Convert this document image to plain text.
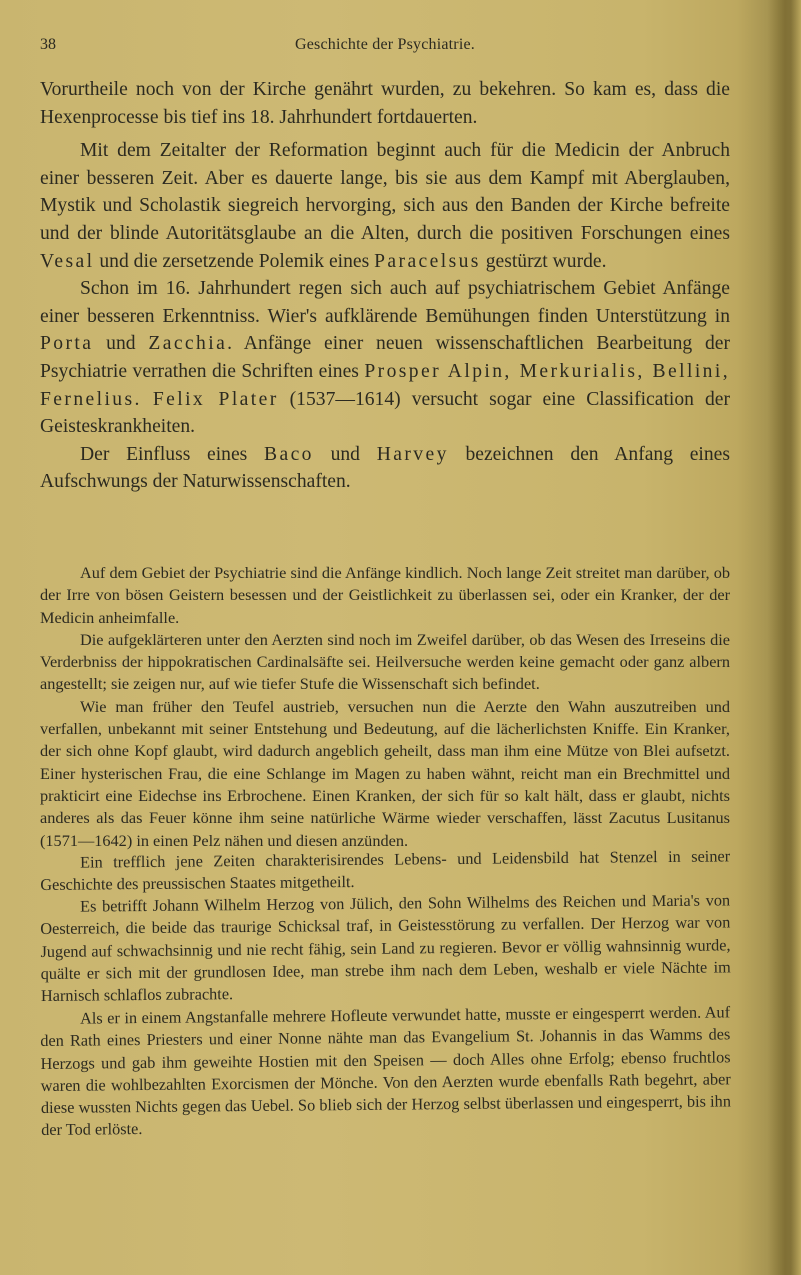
38	Geschichte der Psychiatrie.

Vorurtheile noch von der Kirche genährt wurden, zu bekehren. So kam es, dass die Hexenprocesse bis tief ins 18. Jahrhundert fortdauerten.

Mit dem Zeitalter der Reformation beginnt auch für die Medicin der Anbruch einer besseren Zeit. Aber es dauerte lange, bis sie aus dem Kampf mit Aberglauben, Mystik und Scholastik siegreich hervorging, sich aus den Banden der Kirche befreite und der blinde Autoritätsglaube an die Alten, durch die positiven Forschungen eines Vesal und die zersetzende Polemik eines Paracelsus gestürzt wurde.

Schon im 16. Jahrhundert regen sich auch auf psychiatrischem Gebiet Anfänge einer besseren Erkenntniss. Wier's aufklärende Bemühungen finden Unterstützung in Porta und Zacchia. Anfänge einer neuen wissenschaftlichen Bearbeitung der Psychiatrie verrathen die Schriften eines Prosper Alpin, Merkurialis, Bellini, Fernelius. Felix Plater (1537—1614) versucht sogar eine Classification der Geisteskrankheiten.

Der Einfluss eines Baco und Harvey bezeichnen den Anfang eines Aufschwungs der Naturwissenschaften.

Auf dem Gebiet der Psychiatrie sind die Anfänge kindlich. Noch lange Zeit streitet man darüber, ob der Irre von bösen Geistern besessen und der Geistlichkeit zu überlassen sei, oder ein Kranker, der der Medicin anheimfalle.

Die aufgeklärteren unter den Aerzten sind noch im Zweifel darüber, ob das Wesen des Irreseins die Verderbniss der hippokratischen Cardinalsäfte sei. Heilversuche werden keine gemacht oder ganz albern angestellt; sie zeigen nur, auf wie tiefer Stufe die Wissenschaft sich befindet.

Wie man früher den Teufel austrieb, versuchen nun die Aerzte den Wahn auszutreiben und verfallen, unbekannt mit seiner Entstehung und Bedeutung, auf die lächerlichsten Kniffe. Ein Kranker, der sich ohne Kopf glaubt, wird dadurch angeblich geheilt, dass man ihm eine Mütze von Blei aufsetzt. Einer hysterischen Frau, die eine Schlange im Magen zu haben wähnt, reicht man ein Brechmittel und prakticirt eine Eidechse ins Erbrochene. Einen Kranken, der sich für so kalt hält, dass er glaubt, nichts anderes als das Feuer könne ihm seine natürliche Wärme wieder verschaffen, lässt Zacutus Lusitanus (1571—1642) in einen Pelz nähen und diesen anzünden.

Ein trefflich jene Zeiten charakterisirendes Lebens- und Leidensbild hat Stenzel in seiner Geschichte des preussischen Staates mitgetheilt.

Es betrifft Johann Wilhelm Herzog von Jülich, den Sohn Wilhelms des Reichen und Maria's von Oesterreich, die beide das traurige Schicksal traf, in Geistesstörung zu verfallen. Der Herzog war von Jugend auf schwachsinnig und nie recht fähig, sein Land zu regieren. Bevor er völlig wahnsinnig wurde, quälte er sich mit der grundlosen Idee, man strebe ihm nach dem Leben, weshalb er viele Nächte im Harnisch schlaflos zubrachte.

Als er in einem Angstanfalle mehrere Hofleute verwundet hatte, musste er eingesperrt werden. Auf den Rath eines Priesters und einer Nonne nähte man das Evangelium St. Johannis in das Wamms des Herzogs und gab ihm geweihte Hostien mit den Speisen — doch Alles ohne Erfolg; ebenso fruchtlos waren die wohlbezahlten Exorcismen der Mönche. Von den Aerzten wurde ebenfalls Rath begehrt, aber diese wussten Nichts gegen das Uebel. So blieb sich der Herzog selbst überlassen und eingesperrt, bis ihn der Tod erlöste.
